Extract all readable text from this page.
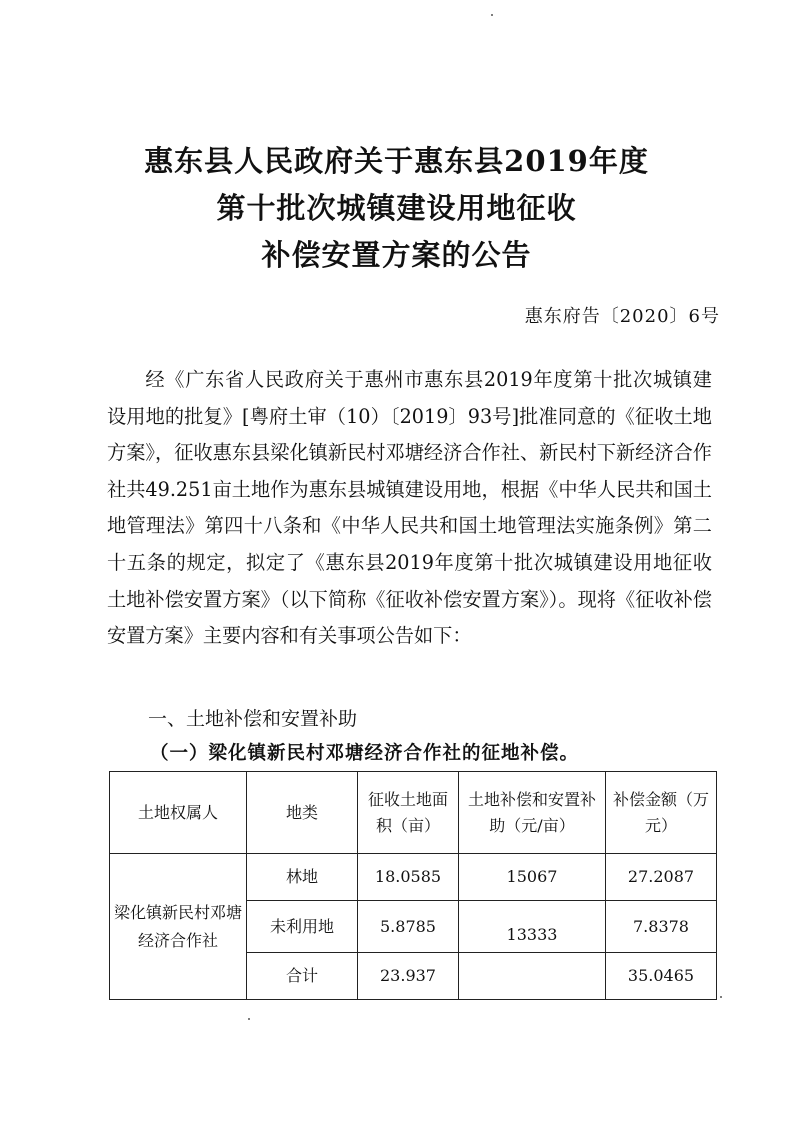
惠东县人民政府关于惠东县2019年度
第十批次城镇建设用地征收
补偿安置方案的公告
惠东府告〔2020〕6号

经《广东省人民政府关于惠州市惠东县2019年度第十批次城镇建设用地的批复》[粤府土审（10）〔2019〕93号]批准同意的《征收土地方案》，征收惠东县梁化镇新民村邓塘经济合作社、新民村下新经济合作社共49.251亩土地作为惠东县城镇建设用地，根据《中华人民共和国土地管理法》第四十八条和《中华人民共和国土地管理法实施条例》第二十五条的规定，拟定了《惠东县2019年度第十批次城镇建设用地征收土地补偿安置方案》（以下简称《征收补偿安置方案》）。现将《征收补偿安置方案》主要内容和有关事项公告如下：

一、土地补偿和安置补助
（一）梁化镇新民村邓塘经济合作社的征地补偿。
土地权属人	地类	征收土地面积（亩）	土地补偿和安置补助（元/亩）	补偿金额（万元）
梁化镇新民村邓塘经济合作社	林地	18.0585	15067	27.2087
	未利用地	5.8785	13333	7.8378
	合计	23.937		35.0465
